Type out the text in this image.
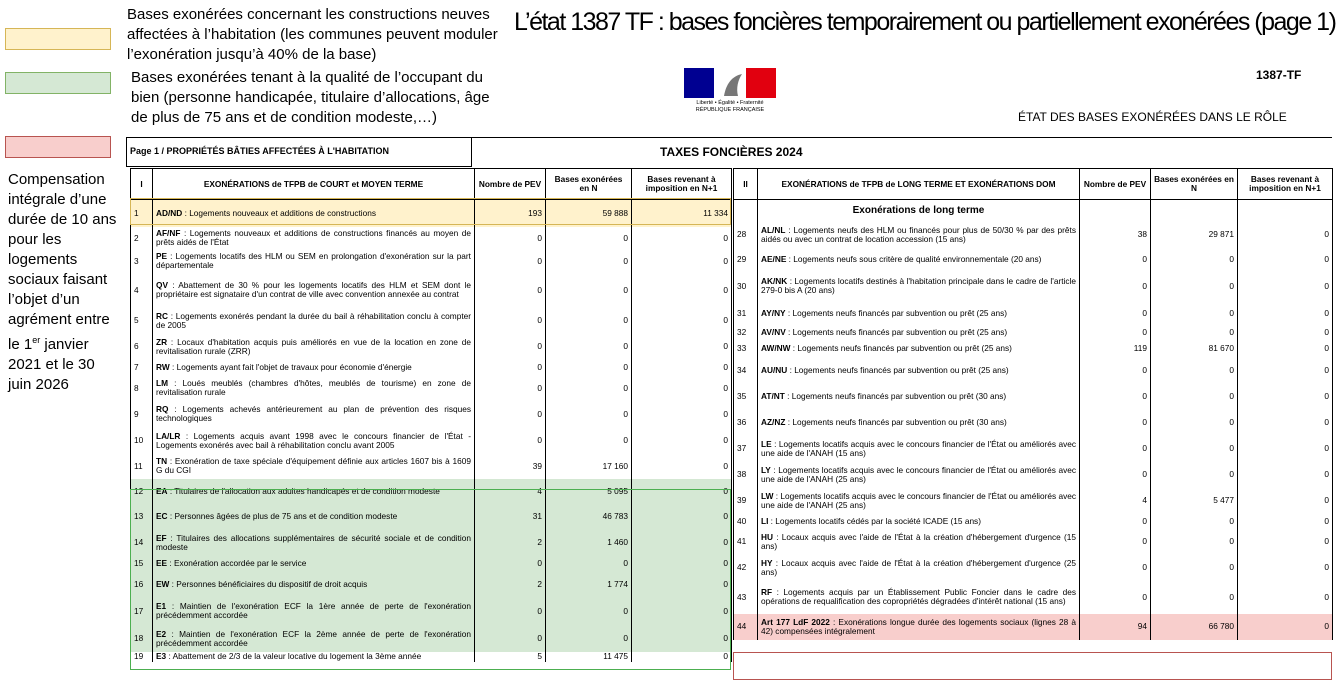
Bases exonérées concernant les constructions neuves affectées à l’habitation (les communes peuvent moduler l’exonération jusqu’à 40% de la base)
Bases exonérées tenant à la qualité de l’occupant du bien (personne handicapée, titulaire d’allocations, âge de plus de 75 ans et de condition modeste,…)
Compensation intégrale d’une durée de 10 ans pour les logements sociaux faisant l’objet d’un agrément entre le 1er janvier 2021 et le 30 juin 2026
L’état 1387 TF : bases foncières temporairement ou partiellement exonérées (page 1)
Liberté • Égalité • Fraternité RÉPUBLIQUE FRANÇAISE
1387-TF
ÉTAT DES BASES EXONÉRÉES DANS LE RÔLE
Page 1 / PROPRIÉTÉS BÂTIES AFFECTÉES À L'HABITATION	TAXES FONCIÈRES 2024
I	EXONÉRATIONS de TFPB de COURT et MOYEN TERME	Nombre de PEV	Bases exonérées en N	Bases revenant à imposition en N+1
1	AD/ND : Logements nouveaux et additions de constructions	193	59 888	11 334
2	AF/NF : Logements nouveaux et additions de constructions financés au moyen de prêts aidés de l'État	0	0	0
3	PE : Logements locatifs des HLM ou SEM en prolongation d'exonération sur la part départementale	0	0	0
4	QV : Abattement de 30 % pour les logements locatifs des HLM et SEM dont le propriétaire est signataire d'un contrat de ville avec convention annexée au contrat	0	0	0
5	RC : Logements exonérés pendant la durée du bail à réhabilitation conclu à compter de 2005	0	0	0
6	ZR : Locaux d'habitation acquis puis améliorés en vue de la location en zone de revitalisation rurale (ZRR)	0	0	0
7	RW : Logements ayant fait l'objet de travaux pour économie d'énergie	0	0	0
8	LM : Loués meublés (chambres d'hôtes, meublés de tourisme) en zone de revitalisation rurale	0	0	0
9	RQ : Logements achevés antérieurement au plan de prévention des risques technologiques	0	0	0
10	LA/LR : Logements acquis avant 1998 avec le concours financier de l'État - Logements exonérés avec bail à réhabilitation conclu avant 2005	0	0	0
11	TN : Exonération de taxe spéciale d'équipement définie aux articles 1607 bis à 1609 G du CGI	39	17 160	0
12	EA : Titulaires de l'allocation aux adultes handicapés et de condition modeste	4	5 095	0
13	EC : Personnes âgées de plus de 75 ans et de condition modeste	31	46 783	0
14	EF : Titulaires des allocations supplémentaires de sécurité sociale et de condition modeste	2	1 460	0
15	EE : Exonération accordée par le service	0	0	0
16	EW : Personnes bénéficiaires du dispositif de droit acquis	2	1 774	0
17	E1 : Maintien de l'exonération ECF la 1ère année de perte de l'exonération précédemment accordée	0	0	0
18	E2 : Maintien de l'exonération ECF la 2ème année de perte de l'exonération précédemment accordée	0	0	0
19	E3 : Abattement de 2/3 de la valeur locative du logement la 3ème année	5	11 475	0
II	EXONÉRATIONS de TFPB de LONG TERME ET EXONÉRATIONS DOM	Nombre de PEV	Bases exonérées en N	Bases revenant à imposition en N+1
	Exonérations de long terme			
28	AL/NL : Logements neufs des HLM ou financés pour plus de 50/30 % par des prêts aidés ou avec un contrat de location accession (15 ans)	38	29 871	0
29	AE/NE : Logements neufs sous critère de qualité environnementale (20 ans)	0	0	0
30	AK/NK : Logements locatifs destinés à l'habitation principale dans le cadre de l'article 279-0 bis A (20 ans)	0	0	0
31	AY/NY : Logements neufs financés par subvention ou prêt (25 ans)	0	0	0
32	AV/NV : Logements neufs financés par subvention ou prêt (25 ans)	0	0	0
33	AW/NW : Logements neufs financés par subvention ou prêt (25 ans)	119	81 670	0
34	AU/NU : Logements neufs financés par subvention ou prêt (25 ans)	0	0	0
35	AT/NT : Logements neufs financés par subvention ou prêt (30 ans)	0	0	0
36	AZ/NZ : Logements neufs financés par subvention ou prêt (30 ans)	0	0	0
37	LE : Logements locatifs acquis avec le concours financier de l'État ou améliorés avec une aide de l'ANAH (15 ans)	0	0	0
38	LY : Logements locatifs acquis avec le concours financier de l'État ou améliorés avec une aide de l'ANAH (25 ans)	0	0	0
39	LW : Logements locatifs acquis avec le concours financier de l'État ou améliorés avec une aide de l'ANAH (25 ans)	4	5 477	0
40	LI : Logements locatifs cédés par la société ICADE (15 ans)	0	0	0
41	HU : Locaux acquis avec l'aide de l'État à la création d'hébergement d'urgence (15 ans)	0	0	0
42	HY : Locaux acquis avec l'aide de l'État à la création d'hébergement d'urgence (25 ans)	0	0	0
43	RF : Logements acquis par un Établissement Public Foncier dans le cadre des opérations de requalification des copropriétés dégradées d'intérêt national (15 ans)	0	0	0
44	Art 177 LdF 2022 : Exonérations longue durée des logements sociaux (lignes 28 à 42) compensées intégralement	94	66 780	0
